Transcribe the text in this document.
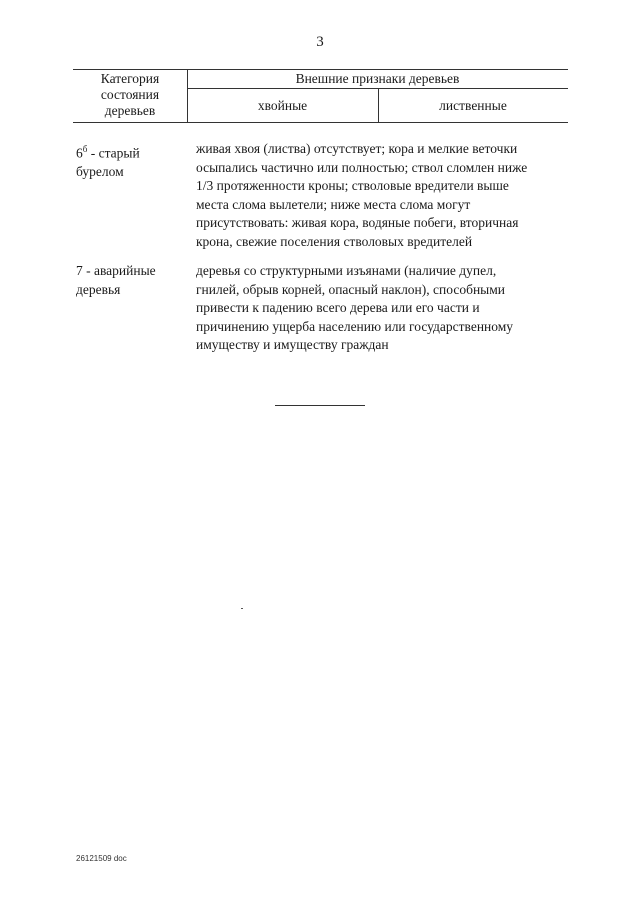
3
Категория
состояния
деревьев
Внешние признаки деревьев
хвойные	лиственные
$6^б$ - старый
бурелом
живая хвоя (листва) отсутствует; кора и мелкие веточки
осыпались частично или полностью; ствол сломлен ниже
1/3 протяженности кроны; стволовые вредители выше
места слома вылетели; ниже места слома могут
присутствовать: живая кора, водяные побеги, вторичная
крона, свежие поселения стволовых вредителей
7 - аварийные
деревья
деревья со структурными изъянами (наличие дупел,
гнилей, обрыв корней, опасный наклон), способными
привести к падению всего дерева или его части и
причинению ущерба населению или государственному
имуществу и имуществу граждан
26121509 doc
